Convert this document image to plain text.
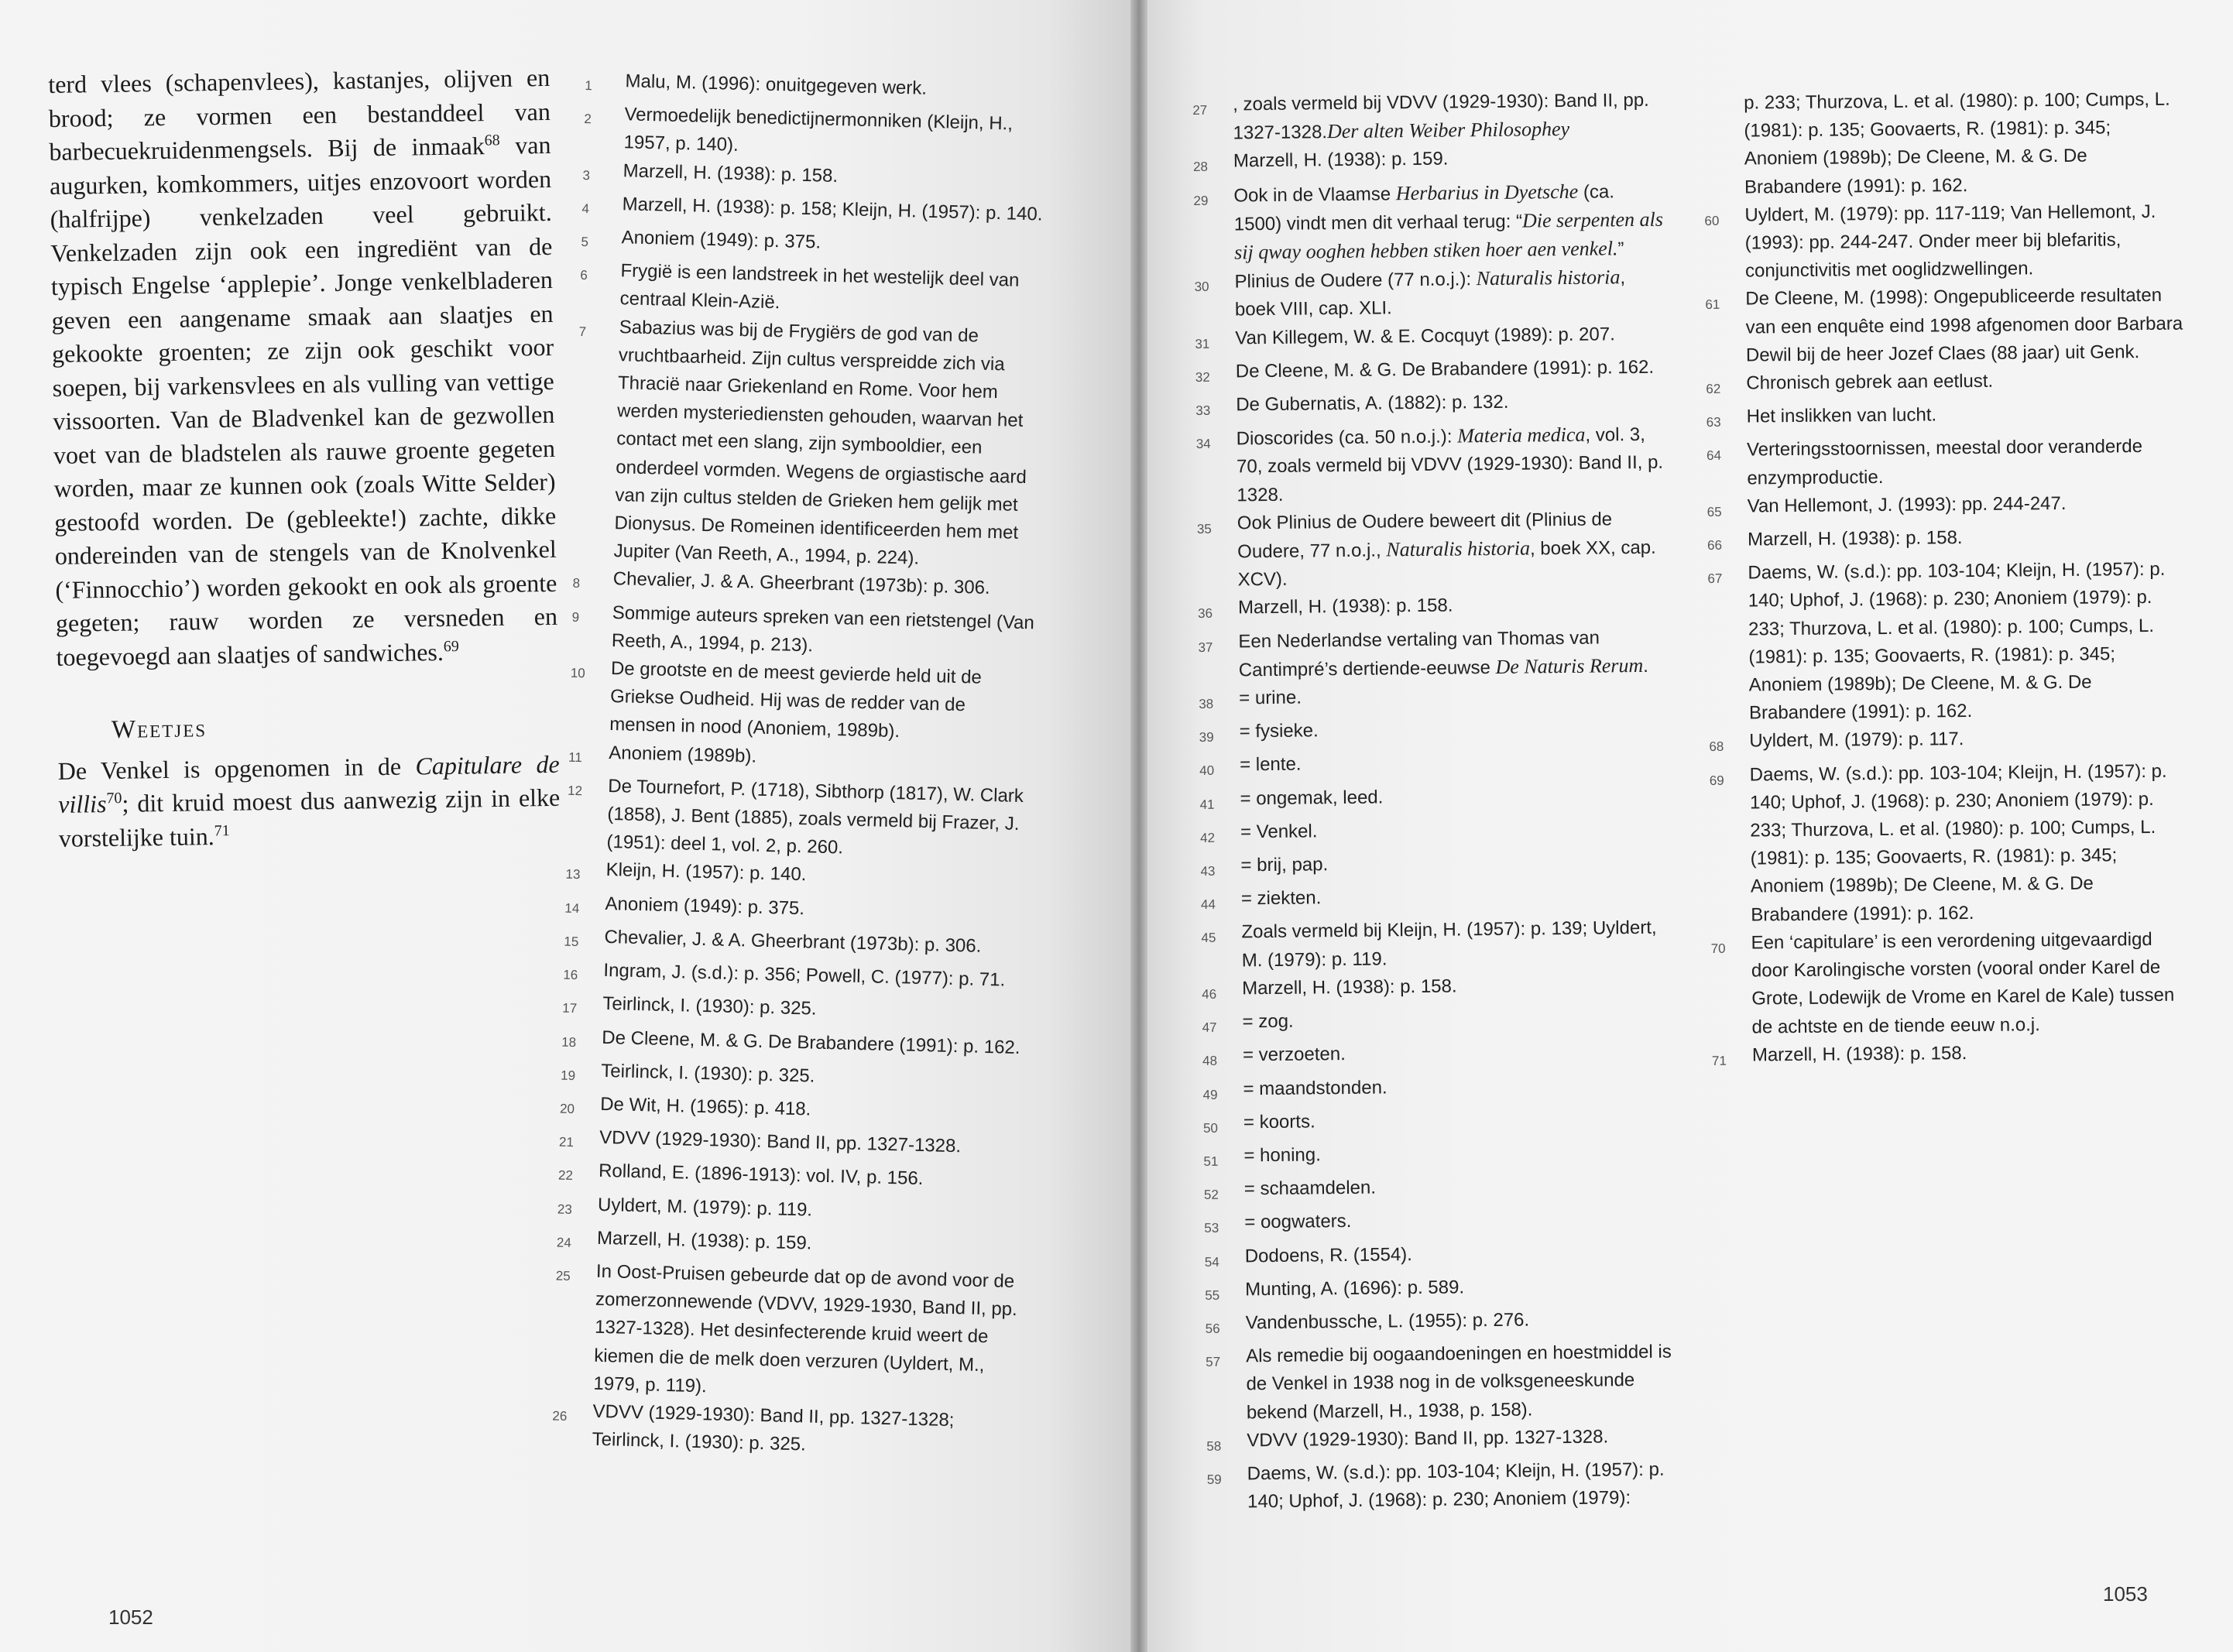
terd vlees (schapenvlees), kastanjes, olijven en brood; ze vormen een bestanddeel van barbecuekruidenmengsels. Bij de inmaak$^{68}$ van augurken, komkommers, uitjes enzovoort worden (halfrijpe) venkelzaden veel gebruikt. Venkelzaden zijn ook een ingrediënt van de typisch Engelse ‘applepie’. Jonge venkelbladeren geven een aangename smaak aan slaatjes en gekookte groenten; ze zijn ook geschikt voor soepen, bij varkensvlees en als vulling van vettige vissoorten. Van de Bladvenkel kan de gezwollen voet van de bladstelen als rauwe groente gegeten worden, maar ze kunnen ook (zoals Witte Selder) gestoofd worden. De (gebleekte!) zachte, dikke ondereinden van de stengels van de Knolvenkel (‘Finnocchio’) worden gekookt en ook als groente gegeten; rauw worden ze versneden en toegevoegd aan slaatjes of sandwiches.$^{69}$

Weetjes

De Venkel is opgenomen in de Capitulare de villis$^{70}$; dit kruid moest dus aanwezig zijn in elke vorstelijke tuin.$^{71}$

1	Malu, M. (1996): onuitgegeven werk.
2	Vermoedelijk benedictijnermonniken (Kleijn, H., 1957, p. 140).
3	Marzell, H. (1938): p. 158.
4	Marzell, H. (1938): p. 158; Kleijn, H. (1957): p. 140.
5	Anoniem (1949): p. 375.
6	Frygië is een landstreek in het westelijk deel van centraal Klein-Azië.
7	Sabazius was bij de Frygiërs de god van de vruchtbaarheid. Zijn cultus verspreidde zich via Thracië naar Griekenland en Rome. Voor hem werden mysteriediensten gehouden, waarvan het contact met een slang, zijn symbooldier, een onderdeel vormden. Wegens de orgiastische aard van zijn cultus stelden de Grieken hem gelijk met Dionysus. De Romeinen identificeerden hem met Jupiter (Van Reeth, A., 1994, p. 224).
8	Chevalier, J. & A. Gheerbrant (1973b): p. 306.
9	Sommige auteurs spreken van een rietstengel (Van Reeth, A., 1994, p. 213).
10	De grootste en de meest gevierde held uit de Griekse Oudheid. Hij was de redder van de mensen in nood (Anoniem, 1989b).
11	Anoniem (1989b).
12	De Tournefort, P. (1718), Sibthorp (1817), W. Clark (1858), J. Bent (1885), zoals vermeld bij Frazer, J. (1951): deel 1, vol. 2, p. 260.
13	Kleijn, H. (1957): p. 140.
14	Anoniem (1949): p. 375.
15	Chevalier, J. & A. Gheerbrant (1973b): p. 306.
16	Ingram, J. (s.d.): p. 356; Powell, C. (1977): p. 71.
17	Teirlinck, I. (1930): p. 325.
18	De Cleene, M. & G. De Brabandere (1991): p. 162.
19	Teirlinck, I. (1930): p. 325.
20	De Wit, H. (1965): p. 418.
21	VDVV (1929-1930): Band II, pp. 1327-1328.
22	Rolland, E. (1896-1913): vol. IV, p. 156.
23	Uyldert, M. (1979): p. 119.
24	Marzell, H. (1938): p. 159.
25	In Oost-Pruisen gebeurde dat op de avond voor de zomerzonnewende (VDVV, 1929-1930, Band II, pp. 1327-1328). Het desinfecterende kruid weert de kiemen die de melk doen verzuren (Uyldert, M., 1979, p. 119).
26	VDVV (1929-1930): Band II, pp. 1327-1328; Teirlinck, I. (1930): p. 325.
1052
27	, zoals vermeld bij VDVV (1929-1930): Band II, pp. 1327-1328.Der alten Weiber Philosophey
28	Marzell, H. (1938): p. 159.
29	Ook in de Vlaamse Herbarius in Dyetsche (ca. 1500) vindt men dit verhaal terug: “Die serpenten als sij qway ooghen hebben stiken hoer aen venkel.”
30	Plinius de Oudere (77 n.o.j.): Naturalis historia, boek VIII, cap. XLI.
31	Van Killegem, W. & E. Cocquyt (1989): p. 207.
32	De Cleene, M. & G. De Brabandere (1991): p. 162.
33	De Gubernatis, A. (1882): p. 132.
34	Dioscorides (ca. 50 n.o.j.): Materia medica, vol. 3, 70, zoals vermeld bij VDVV (1929-1930): Band II, p. 1328.
35	Ook Plinius de Oudere beweert dit (Plinius de Oudere, 77 n.o.j., Naturalis historia, boek XX, cap. XCV).
36	Marzell, H. (1938): p. 158.
37	Een Nederlandse vertaling van Thomas van Cantimpré’s dertiende-eeuwse De Naturis Rerum.
38	= urine.
39	= fysieke.
40	= lente.
41	= ongemak, leed.
42	= Venkel.
43	= brij, pap.
44	= ziekten.
45	Zoals vermeld bij Kleijn, H. (1957): p. 139; Uyldert, M. (1979): p. 119.
46	Marzell, H. (1938): p. 158.
47	= zog.
48	= verzoeten.
49	= maandstonden.
50	= koorts.
51	= honing.
52	= schaamdelen.
53	= oogwaters.
54	Dodoens, R. (1554).
55	Munting, A. (1696): p. 589.
56	Vandenbussche, L. (1955): p. 276.
57	Als remedie bij oogaandoeningen en hoestmiddel is de Venkel in 1938 nog in de volksgeneeskunde bekend (Marzell, H., 1938, p. 158).
58	VDVV (1929-1930): Band II, pp. 1327-1328.
59	Daems, W. (s.d.): pp. 103-104; Kleijn, H. (1957): p. 140; Uphof, J. (1968): p. 230; Anoniem (1979):
p. 233; Thurzova, L. et al. (1980): p. 100; Cumps, L. (1981): p. 135; Goovaerts, R. (1981): p. 345; Anoniem (1989b); De Cleene, M. & G. De Brabandere (1991): p. 162.
60	Uyldert, M. (1979): pp. 117-119; Van Hellemont, J. (1993): pp. 244-247. Onder meer bij blefaritis, conjunctivitis met ooglidzwellingen.
61	De Cleene, M. (1998): Ongepubliceerde resultaten van een enquête eind 1998 afgenomen door Barbara Dewil bij de heer Jozef Claes (88 jaar) uit Genk.
62	Chronisch gebrek aan eetlust.
63	Het inslikken van lucht.
64	Verteringsstoornissen, meestal door veranderde enzymproductie.
65	Van Hellemont, J. (1993): pp. 244-247.
66	Marzell, H. (1938): p. 158.
67	Daems, W. (s.d.): pp. 103-104; Kleijn, H. (1957): p. 140; Uphof, J. (1968): p. 230; Anoniem (1979): p. 233; Thurzova, L. et al. (1980): p. 100; Cumps, L. (1981): p. 135; Goovaerts, R. (1981): p. 345; Anoniem (1989b); De Cleene, M. & G. De Brabandere (1991): p. 162.
68	Uyldert, M. (1979): p. 117.
69	Daems, W. (s.d.): pp. 103-104; Kleijn, H. (1957): p. 140; Uphof, J. (1968): p. 230; Anoniem (1979): p. 233; Thurzova, L. et al. (1980): p. 100; Cumps, L. (1981): p. 135; Goovaerts, R. (1981): p. 345; Anoniem (1989b); De Cleene, M. & G. De Brabandere (1991): p. 162.
70	Een ‘capitulare’ is een verordening uitgevaardigd door Karolingische vorsten (vooral onder Karel de Grote, Lodewijk de Vrome en Karel de Kale) tussen de achtste en de tiende eeuw n.o.j.
71	Marzell, H. (1938): p. 158.
1053
